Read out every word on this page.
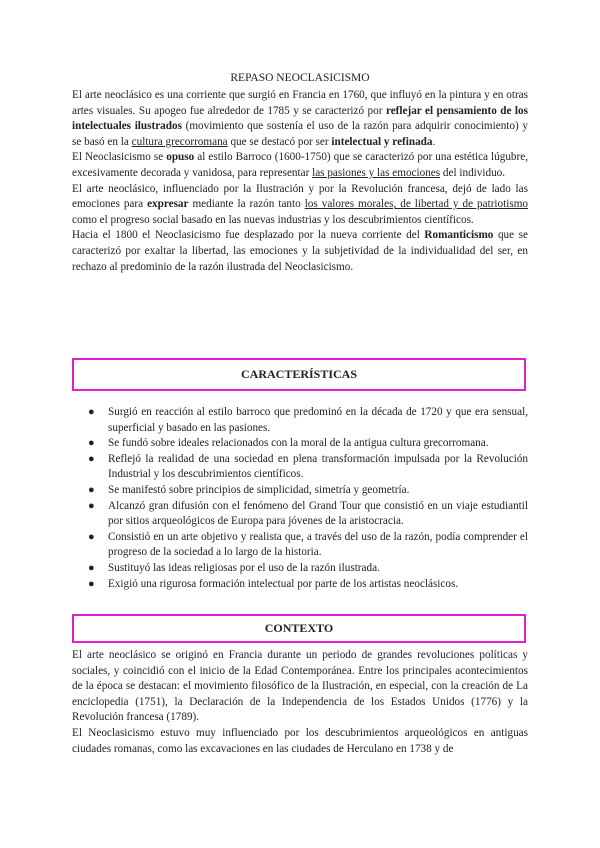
REPASO NEOCLASICISMO

El arte neoclásico es una corriente que surgió en Francia en 1760, que influyó en la pintura y en otras artes visuales. Su apogeo fue alrededor de 1785 y se caracterizó por reflejar el pensamiento de los intelectuales ilustrados (movimiento que sostenía el uso de la razón para adquirir conocimiento) y se basó en la cultura grecorromana que se destacó por ser intelectual y refinada.

El Neoclasicismo se opuso al estilo Barroco (1600-1750) que se caracterizó por una estética lúgubre, excesivamente decorada y vanidosa, para representar las pasiones y las emociones del individuo.

El arte neoclásico, influenciado por la Ilustración y por la Revolución francesa, dejó de lado las emociones para expresar mediante la razón tanto los valores morales, de libertad y de patriotismo como el progreso social basado en las nuevas industrias y los descubrimientos científicos.

Hacia el 1800 el Neoclasicismo fue desplazado por la nueva corriente del Romanticismo que se caracterizó por exaltar la libertad, las emociones y la subjetividad de la individualidad del ser, en rechazo al predominio de la razón ilustrada del Neoclasicismo.

CARACTERÍSTICAS
● Surgió en reacción al estilo barroco que predominó en la década de 1720 y que era sensual, superficial y basado en las pasiones.
● Se fundó sobre ideales relacionados con la moral de la antigua cultura grecorromana.
● Reflejó la realidad de una sociedad en plena transformación impulsada por la Revolución Industrial y los descubrimientos científicos.
● Se manifestó sobre principios de simplicidad, simetría y geometría.
● Alcanzó gran difusión con el fenómeno del Grand Tour que consistió en un viaje estudiantil por sitios arqueológicos de Europa para jóvenes de la aristocracia.
● Consistió en un arte objetivo y realista que, a través del uso de la razón, podía comprender el progreso de la sociedad a lo largo de la historia.
● Sustituyó las ideas religiosas por el uso de la razón ilustrada.
● Exigió una rigurosa formación intelectual por parte de los artistas neoclásicos.
CONTEXTO

El arte neoclásico se originó en Francia durante un periodo de grandes revoluciones políticas y sociales, y coincidió con el inicio de la Edad Contemporánea. Entre los principales acontecimientos de la época se destacan: el movimiento filosófico de la Ilustración, en especial, con la creación de La enciclopedia (1751), la Declaración de la Independencia de los Estados Unidos (1776) y la Revolución francesa (1789).

El Neoclasicismo estuvo muy influenciado por los descubrimientos arqueológicos en antiguas ciudades romanas, como las excavaciones en las ciudades de Herculano en 1738 y de
